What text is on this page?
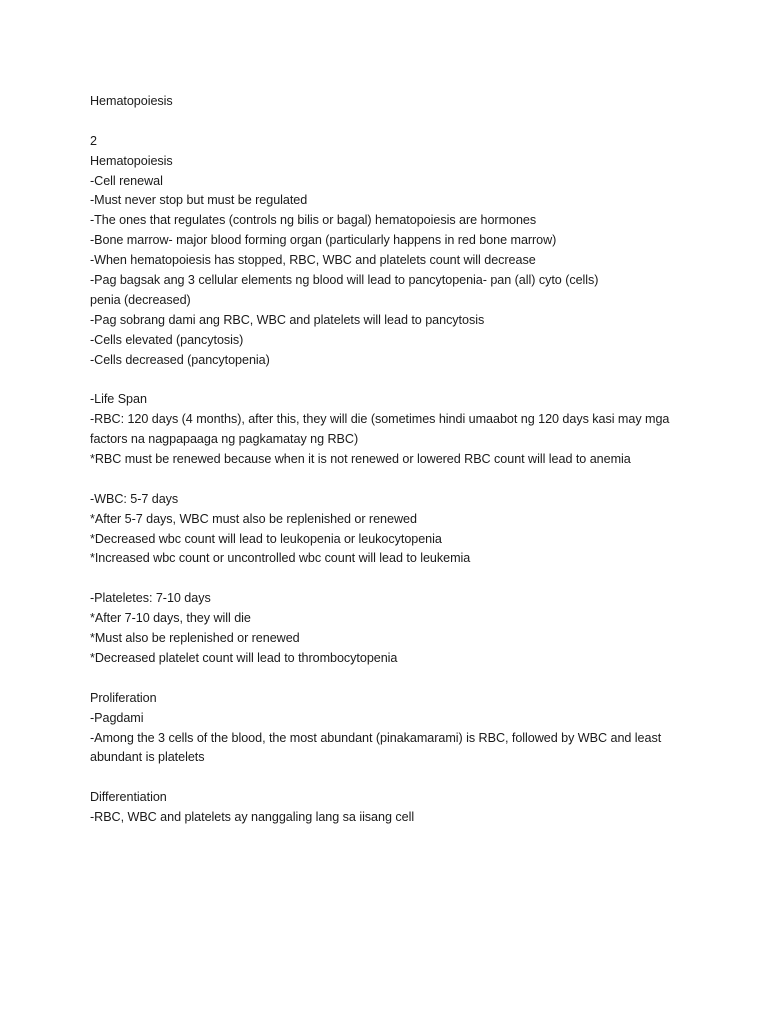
Hematopoiesis
2
Hematopoiesis
-Cell renewal
-Must never stop but must be regulated
-The ones that regulates (controls ng bilis or bagal) hematopoiesis are hormones
-Bone marrow- major blood forming organ (particularly happens in red bone marrow)
-When hematopoiesis has stopped, RBC, WBC and platelets count will decrease
-Pag bagsak ang 3 cellular elements ng blood will lead to pancytopenia- pan (all) cyto (cells)
penia (decreased)
-Pag sobrang dami ang RBC, WBC and platelets will lead to pancytosis
-Cells elevated (pancytosis)
-Cells decreased (pancytopenia)
-Life Span
-RBC: 120 days (4 months), after this, they will die (sometimes hindi umaabot ng 120 days kasi may mga
factors na nagpapaaga ng pagkamatay ng RBC)
*RBC must be renewed because when it is not renewed or lowered RBC count will lead to anemia
-WBC: 5-7 days
*After 5-7 days, WBC must also be replenished or renewed
*Decreased wbc count will lead to leukopenia or leukocytopenia
*Increased wbc count or uncontrolled wbc count will lead to leukemia
-Plateletes: 7-10 days
*After 7-10 days, they will die
*Must also be replenished or renewed
*Decreased platelet count will lead to thrombocytopenia
Proliferation
-Pagdami
-Among the 3 cells of the blood, the most abundant (pinakamarami) is RBC, followed by WBC and least
abundant is platelets
Differentiation
-RBC, WBC and platelets ay nanggaling lang sa iisang cell
